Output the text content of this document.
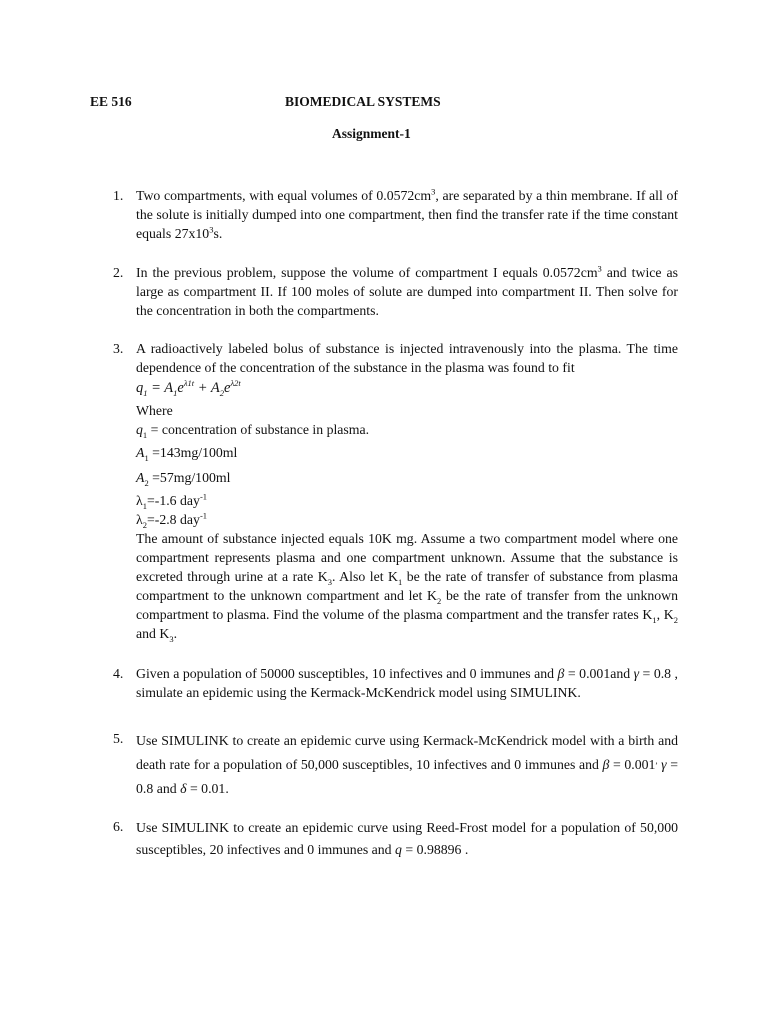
EE 516	BIOMEDICAL SYSTEMS
Assignment-1
1. Two compartments, with equal volumes of $0.0572cm^3$, are separated by a thin membrane. If all of the solute is initially dumped into one compartment, then find the transfer rate if the time constant equals $27x10^3s$.
2. In the previous problem, suppose the volume of compartment I equals $0.0572cm^3$ and twice as large as compartment II. If 100 moles of solute are dumped into compartment II. Then solve for the concentration in both the compartments.
3. A radioactively labeled bolus of substance is injected intravenously into the plasma. The time dependence of the concentration of the substance in the plasma was found to fit
$q_1 = A_1e^{\lambda 1t} + A_2e^{\lambda 2t}$
Where
$q_1$ = concentration of substance in plasma.
$A_1 =143mg/100ml$
$A_2 =57mg/100ml$
$\lambda_1=-1.6$ day$^{-1}$
$\lambda_2=-2.8$ day$^{-1}$
The amount of substance injected equals 10K mg. Assume a two compartment model where one compartment represents plasma and one compartment unknown. Assume that the substance is excreted through urine at a rate $K_3$. Also let $K_1$ be the rate of transfer of substance from plasma compartment to the unknown compartment and let $K_2$ be the rate of transfer from the unknown compartment to plasma. Find the volume of the plasma compartment and the transfer rates $K_1$, $K_2$ and $K_3$.
4. Given a population of 50000 susceptibles, 10 infectives and 0 immunes and β = 0.001and γ = 0.8 , simulate an epidemic using the Kermack-McKendrick model using SIMULINK.
5. Use SIMULINK to create an epidemic curve using Kermack-McKendrick model with a birth and death rate for a population of 50,000 susceptibles, 10 infectives and 0 immunes and β = 0.001, γ = 0.8 and δ = 0.01.
6. Use SIMULINK to create an epidemic curve using Reed-Frost model for a population of 50,000 susceptibles, 20 infectives and 0 immunes and q = 0.98896 .
